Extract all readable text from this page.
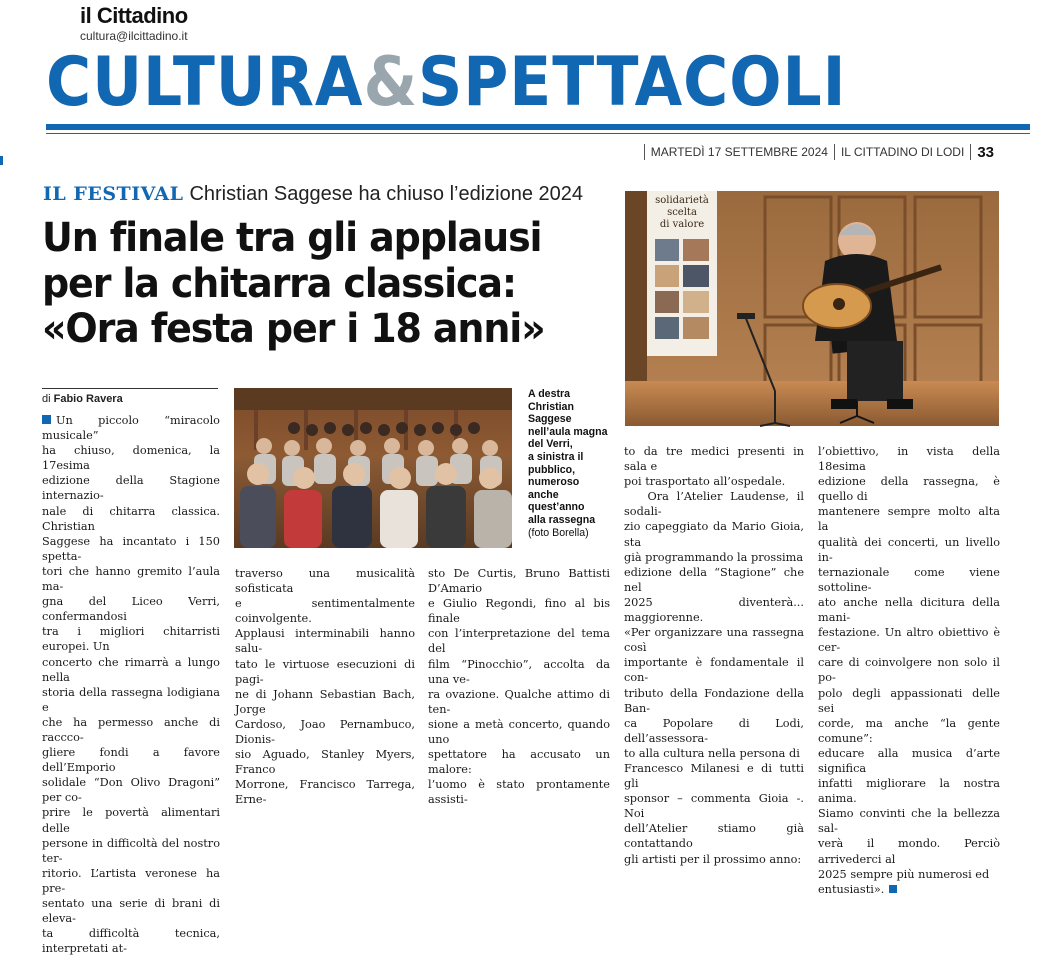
il Cittadino
cultura@ilcittadino.it
CULTURA&SPETTACOLI
MARTEDÌ 17 SETTEMBRE 2024 IL CITTADINO DI LODI 33
IL FESTIVAL Christian Saggese ha chiuso l’edizione 2024
Un finale tra gli applausi
per la chitarra classica:
«Ora festa per i 18 anni»
di Fabio Ravera	A destra
Christian
Saggese
nell’aula magna
del Verri,
a sinistra il
pubblico,
numeroso
anche
quest’anno
alla rassegna
(foto Borella)
solidarietà
scelta
di valore

Un piccolo “miracolo musicale”
ha chiuso, domenica, la 17esima
edizione della Stagione internazio-
nale di chitarra classica. Christian
Saggese ha incantato i 150 spetta-
tori che hanno gremito l’aula ma-
gna del Liceo Verri, confermandosi
tra i migliori chitarristi europei. Un
concerto che rimarrà a lungo nella
storia della rassegna lodigiana e
che ha permesso anche di raccco-
gliere fondi a favore dell’Emporio
solidale “Don Olivo Dragoni” per co-
prire le povertà alimentari delle
persone in difficoltà del nostro ter-
ritorio. L’artista veronese ha pre-
sentato una serie di brani di eleva-
ta difficoltà tecnica, interpretati at-

traverso una musicalità sofisticata
e sentimentalmente coinvolgente.
Applausi interminabili hanno salu-
tato le virtuose esecuzioni di pagi-
ne di Johann Sebastian Bach, Jorge
Cardoso, Joao Pernambuco, Dionis-
sio Aguado, Stanley Myers, Franco
Morrone, Francisco Tarrega, Erne-

sto De Curtis, Bruno Battisti D’Amario
e Giulio Regondi, fino al bis finale
con l’interpretazione del tema del
film “Pinocchio”, accolta da una ve-
ra ovazione. Qualche attimo di ten-
sione a metà concerto, quando uno
spettatore ha accusato un malore:
l’uomo è stato prontamente assisti-

to da tre medici presenti in sala e
poi trasportato all’ospedale.
Ora l’Atelier Laudense, il sodali-
zio capeggiato da Mario Gioia, sta
già programmando la prossima
edizione della “Stagione” che nel
2025 diventerà... maggiorenne.
«Per organizzare una rassegna così
importante è fondamentale il con-
tributo della Fondazione della Ban-
ca Popolare di Lodi, dell’assessora-
to alla cultura nella persona di
Francesco Milanesi e di tutti gli
sponsor – commenta Gioia -. Noi
dell’Atelier stiamo già contattando
gli artisti per il prossimo anno:

l’obiettivo, in vista della 18esima
edizione della rassegna, è quello di
mantenere sempre molto alta la
qualità dei concerti, un livello in-
ternazionale come viene sottoline-
ato anche nella dicitura della mani-
festazione. Un altro obiettivo è cer-
care di coinvolgere non solo il po-
polo degli appassionati delle sei
corde, ma anche “la gente comune”:
educare alla musica d’arte significa
infatti migliorare la nostra anima.
Siamo convinti che la bellezza sal-
verà il mondo. Perciò arrivederci al
2025 sempre più numerosi ed
entusiasti».
